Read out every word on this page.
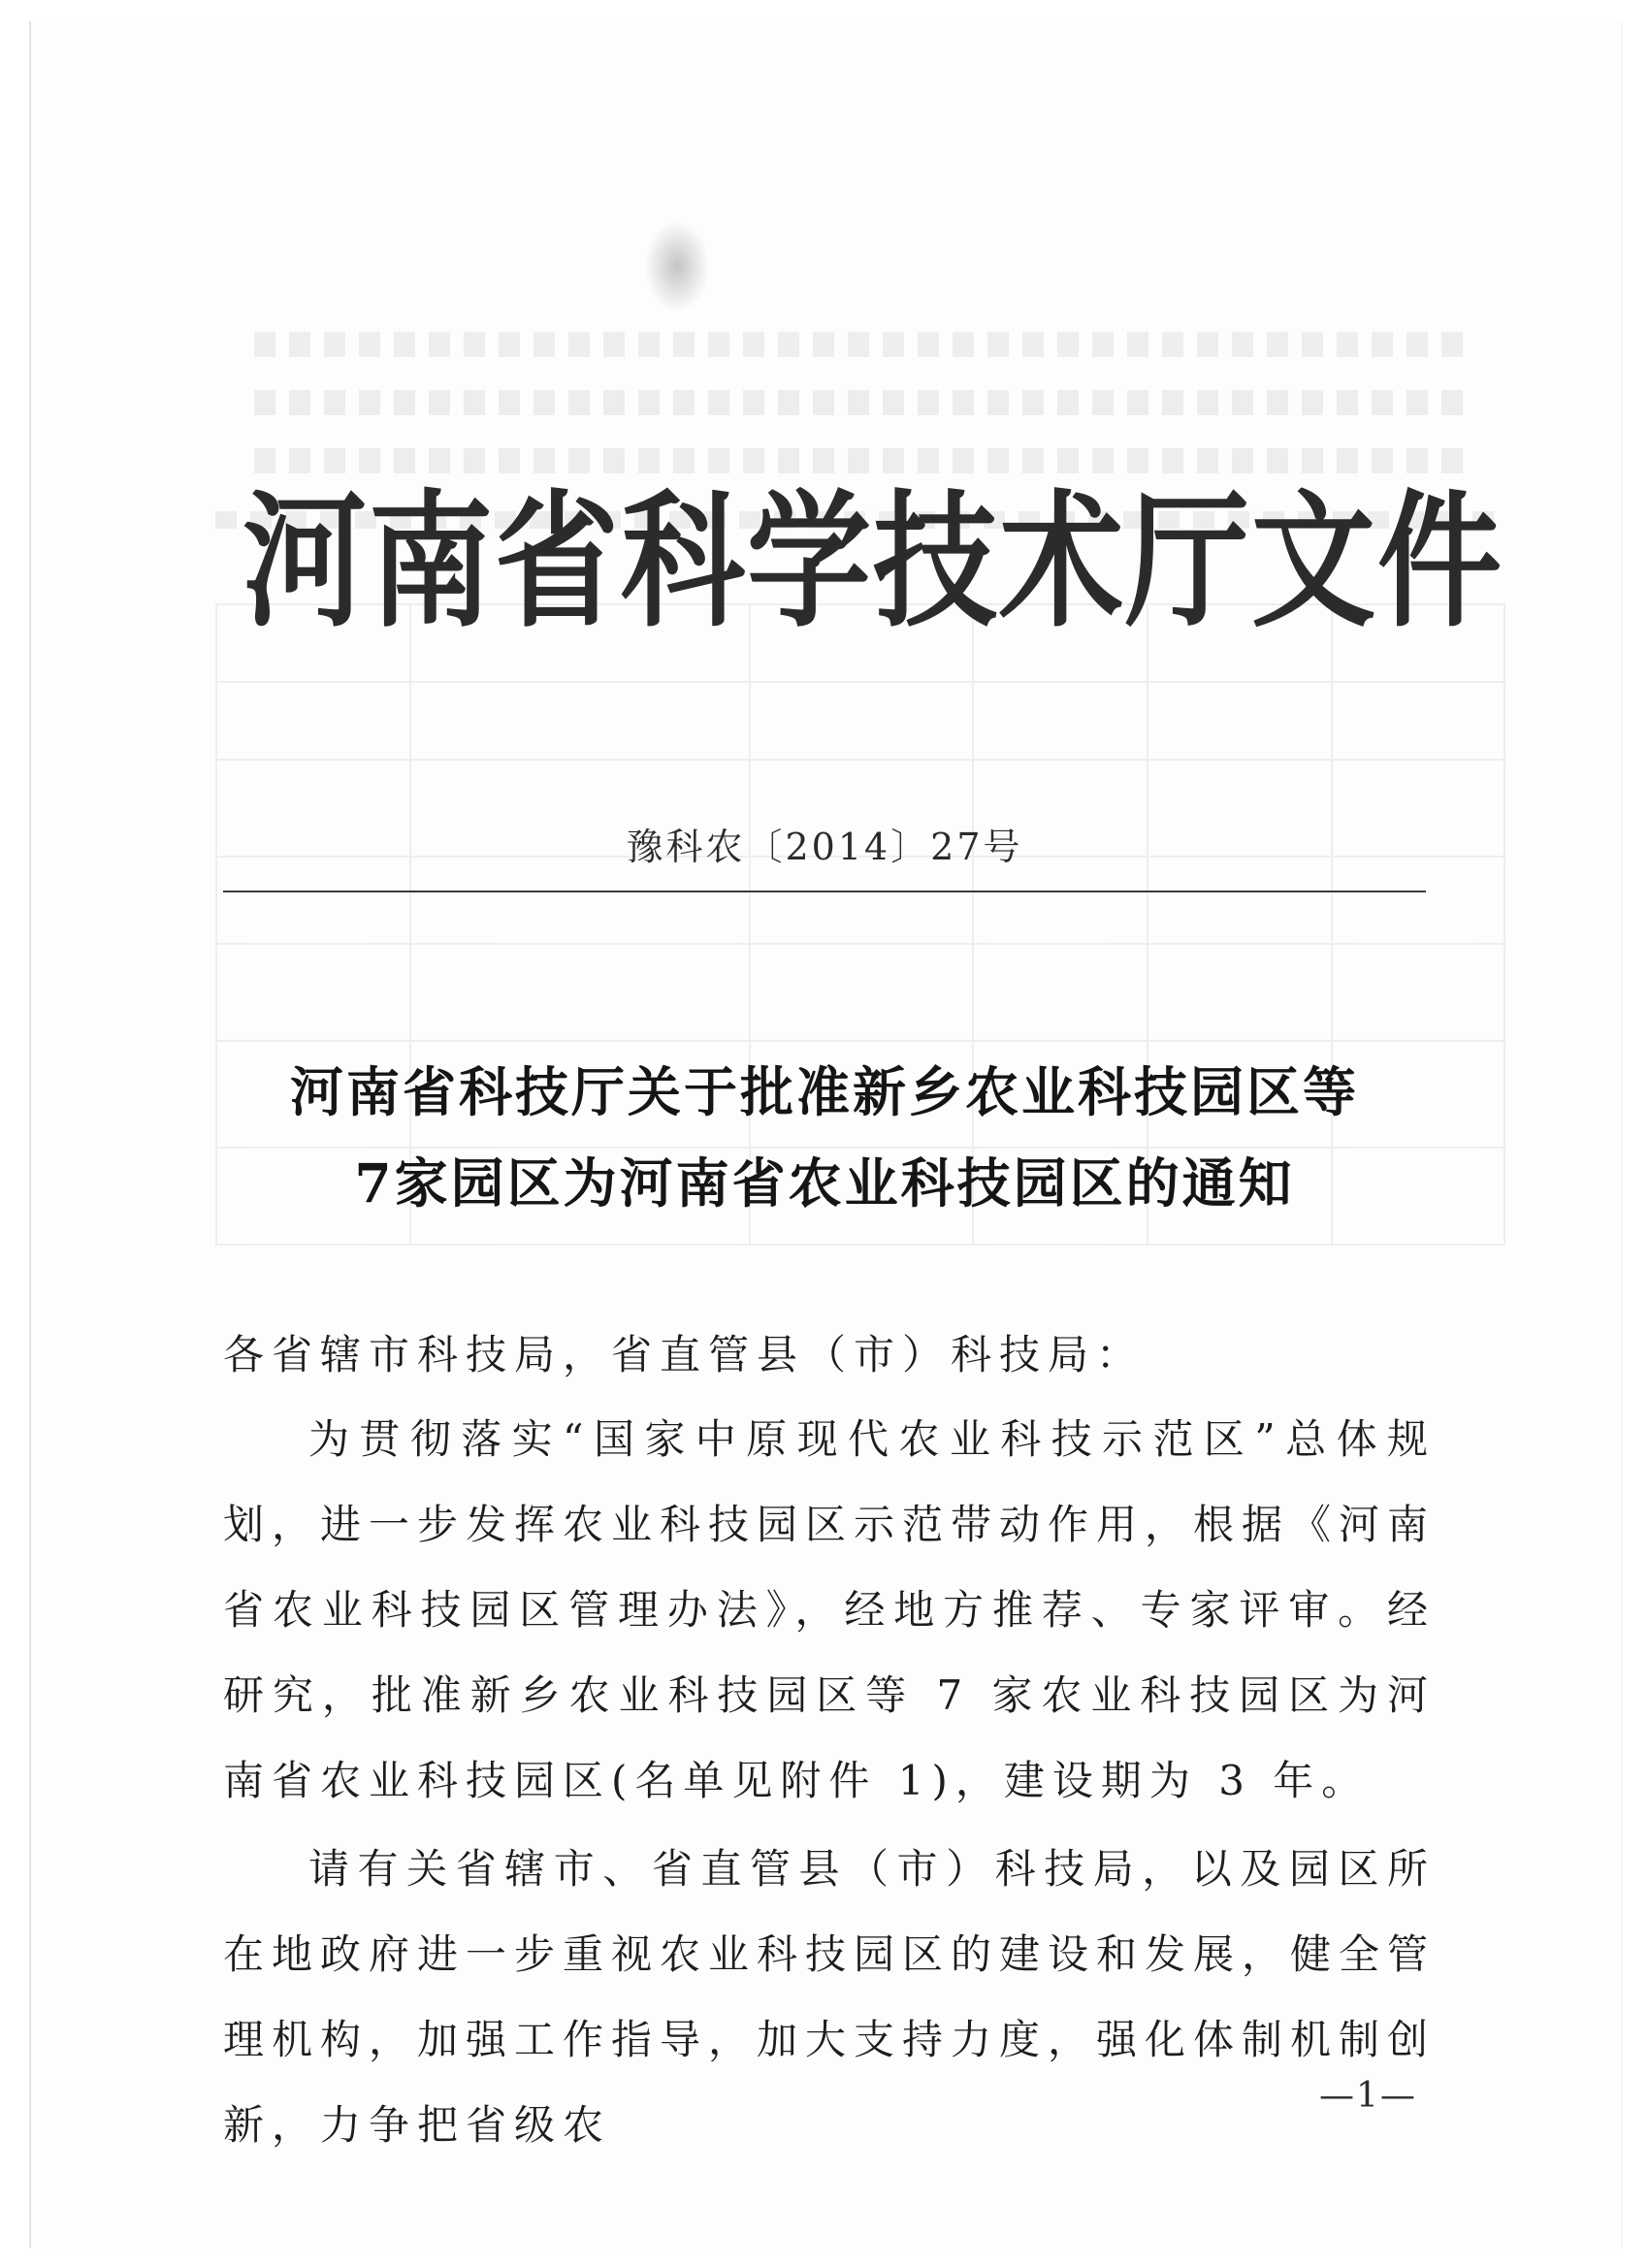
河南省科学技术厅文件
豫科农〔2014〕27号
河南省科技厅关于批准新乡农业科技园区等
7家园区为河南省农业科技园区的通知
各省辖市科技局，省直管县（市）科技局：
为贯彻落实“国家中原现代农业科技示范区”总体规划，进一步发挥农业科技园区示范带动作用，根据《河南省农业科技园区管理办法》，经地方推荐、专家评审。经研究，批准新乡农业科技园区等 7 家农业科技园区为河南省农业科技园区(名单见附件 1)，建设期为 3 年。
请有关省辖市、省直管县（市）科技局，以及园区所在地政府进一步重视农业科技园区的建设和发展，健全管理机构，加强工作指导，加大支持力度，强化体制机制创新，力争把省级农
—1—
